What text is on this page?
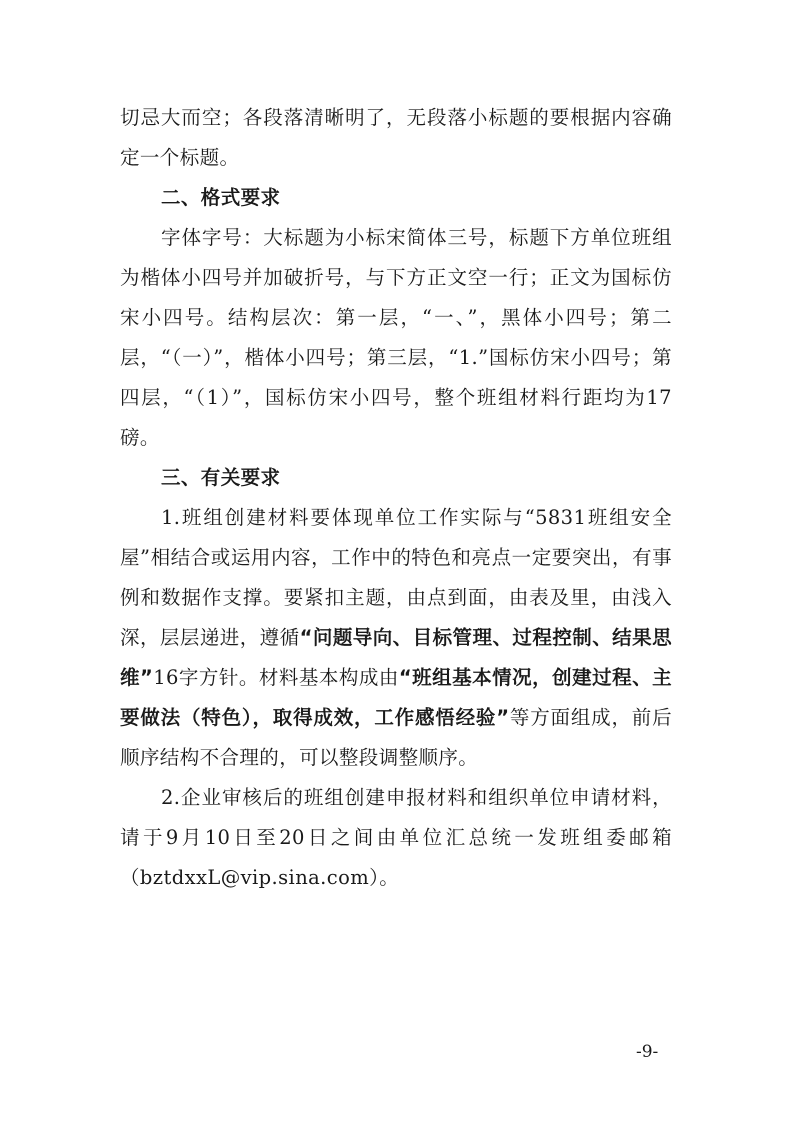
切忌大而空；各段落清晰明了，无段落小标题的要根据内容确定一个标题。

二、格式要求

字体字号：大标题为小标宋简体三号，标题下方单位班组为楷体小四号并加破折号，与下方正文空一行；正文为国标仿宋小四号。结构层次：第一层，“一、”，黑体小四号；第二层，“（一）”，楷体小四号；第三层，“1.”国标仿宋小四号；第四层，“（1）”，国标仿宋小四号，整个班组材料行距均为17磅。

三、有关要求

1.班组创建材料要体现单位工作实际与“5831班组安全屋”相结合或运用内容，工作中的特色和亮点一定要突出，有事例和数据作支撑。要紧扣主题，由点到面，由表及里，由浅入深，层层递进，遵循“问题导向、目标管理、过程控制、结果思维”16字方针。材料基本构成由“班组基本情况，创建过程、主要做法（特色），取得成效，工作感悟经验”等方面组成，前后顺序结构不合理的，可以整段调整顺序。

2.企业审核后的班组创建申报材料和组织单位申请材料，请于9月10日至20日之间由单位汇总统一发班组委邮箱（bztdxxL@vip.sina.com）。

-9-
